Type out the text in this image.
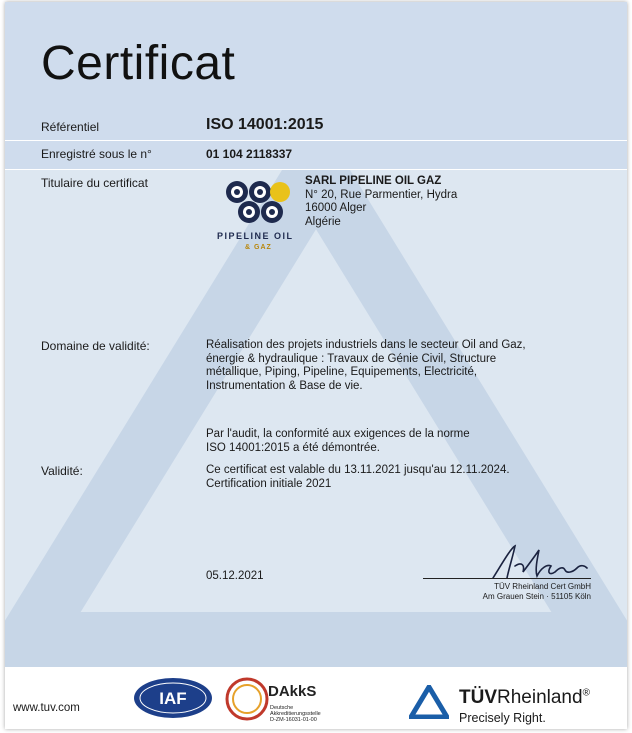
Certificat
Référentiel	ISO 14001:2015
Enregistré sous le n°	01 104 2118337
Titulaire du certificat
PIPELINE OIL
& GAZ
SARL PIPELINE OIL GAZ
N° 20, Rue Parmentier, Hydra
16000 Alger
Algérie
Domaine de validité:	Réalisation des projets industriels dans le secteur Oil and Gaz,
énergie & hydraulique : Travaux de Génie Civil, Structure
métallique, Piping, Pipeline, Equipements, Electricité,
Instrumentation & Base de vie.
Par l'audit, la conformité aux exigences de la norme
ISO 14001:2015 a été démontrée.
Validité:	Ce certificat est valable du 13.11.2021 jusqu'au 12.11.2024.
Certification initiale 2021
05.12.2021
TÜV Rheinland Cert GmbH
Am Grauen Stein · 51105 Köln
www.tuv.com	IAF	DAkkS
Deutsche
Akkreditierungsstelle
D-ZM-16031-01-00
TÜVRheinland®
Precisely Right.
